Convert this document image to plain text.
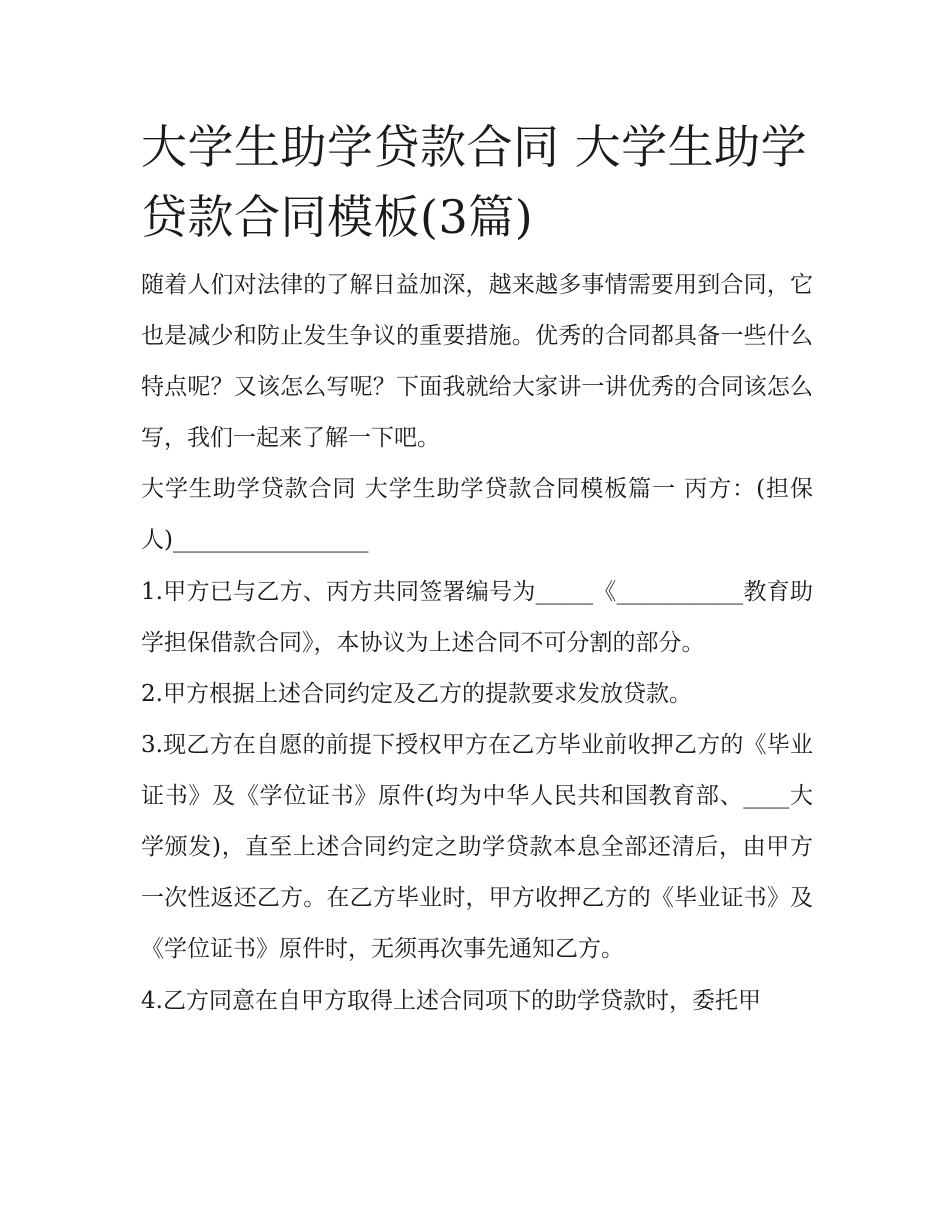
大学生助学贷款合同 大学生助学贷款合同模板(3篇)

随着人们对法律的了解日益加深，越来越多事情需要用到合同，它也是减少和防止发生争议的重要措施。优秀的合同都具备一些什么特点呢？又该怎么写呢？下面我就给大家讲一讲优秀的合同该怎么写，我们一起来了解一下吧。

大学生助学贷款合同 大学生助学贷款合同模板篇一 丙方：(担保人)_________________

1.甲方已与乙方、丙方共同签署编号为_____《___________教育助学担保借款合同》，本协议为上述合同不可分割的部分。

2.甲方根据上述合同约定及乙方的提款要求发放贷款。

3.现乙方在自愿的前提下授权甲方在乙方毕业前收押乙方的《毕业证书》及《学位证书》原件(均为中华人民共和国教育部、____大学颁发)，直至上述合同约定之助学贷款本息全部还清后，由甲方一次性返还乙方。在乙方毕业时，甲方收押乙方的《毕业证书》及《学位证书》原件时，无须再次事先通知乙方。

4.乙方同意在自甲方取得上述合同项下的助学贷款时，委托甲
